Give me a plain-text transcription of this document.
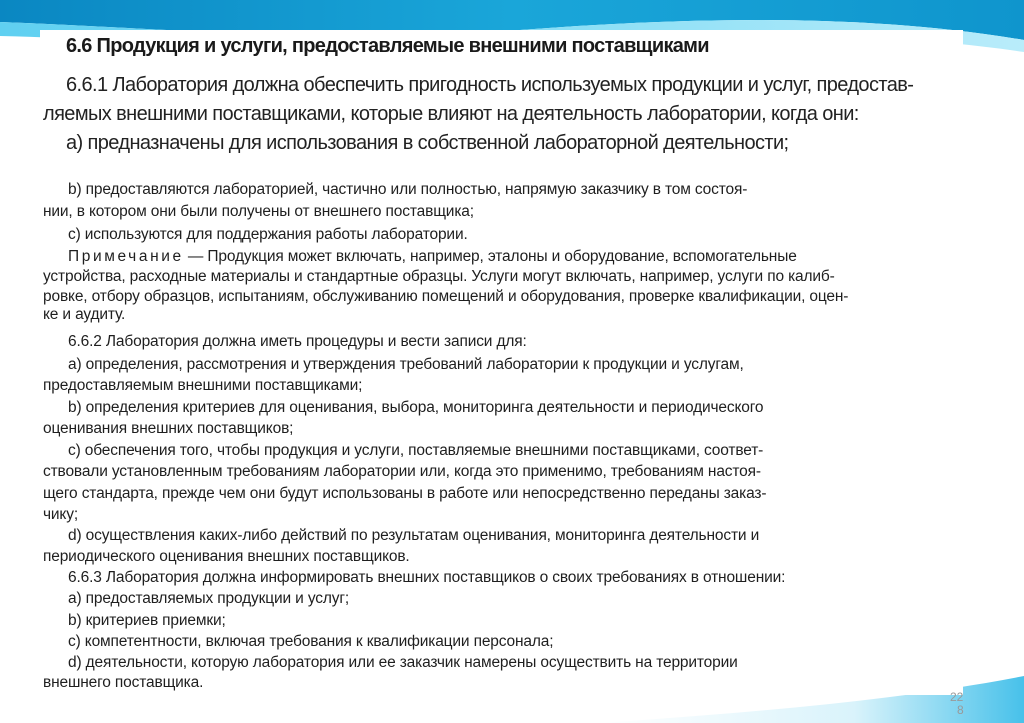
6.6 Продукция и услуги, предоставляемые внешними поставщиками
6.6.1 Лаборатория должна обеспечить пригодность используемых продукции и услуг, предостав-
ляемых внешними поставщиками, которые влияют на деятельность лаборатории, когда они:
а) предназначены для использования в собственной лабораторной деятельности;
b) предоставляются лабораторией, частично или полностью, напрямую заказчику в том состоя-
нии, в котором они были получены от внешнего поставщика;
с) используются для поддержания работы лаборатории.
Примечание — Продукция может включать, например, эталоны и оборудование, вспомогательные
устройства, расходные материалы и стандартные образцы. Услуги могут включать, например, услуги по калиб-
ровке, отбору образцов, испытаниям, обслуживанию помещений и оборудования, проверке квалификации, оцен-
ке и аудиту.
6.6.2 Лаборатория должна иметь процедуры и вести записи для:
a) определения, рассмотрения и утверждения требований лаборатории к продукции и услугам,
предоставляемым внешними поставщиками;
b) определения критериев для оценивания, выбора, мониторинга деятельности и периодического
оценивания внешних поставщиков;
с) обеспечения того, чтобы продукция и услуги, поставляемые внешними поставщиками, соответ-
ствовали установленным требованиям лаборатории или, когда это применимо, требованиям настоя-
щего стандарта, прежде чем они будут использованы в работе или непосредственно переданы заказ-
чику;
d) осуществления каких-либо действий по результатам оценивания, мониторинга деятельности и
периодического оценивания внешних поставщиков.
6.6.3 Лаборатория должна информировать внешних поставщиков о своих требованиях в отношении:
а) предоставляемых продукции и услуг;
b) критериев приемки;
с) компетентности, включая требования к квалификации персонала;
d) деятельности, которую лаборатория или ее заказчик намерены осуществить на территории
внешнего поставщика.
22
8
